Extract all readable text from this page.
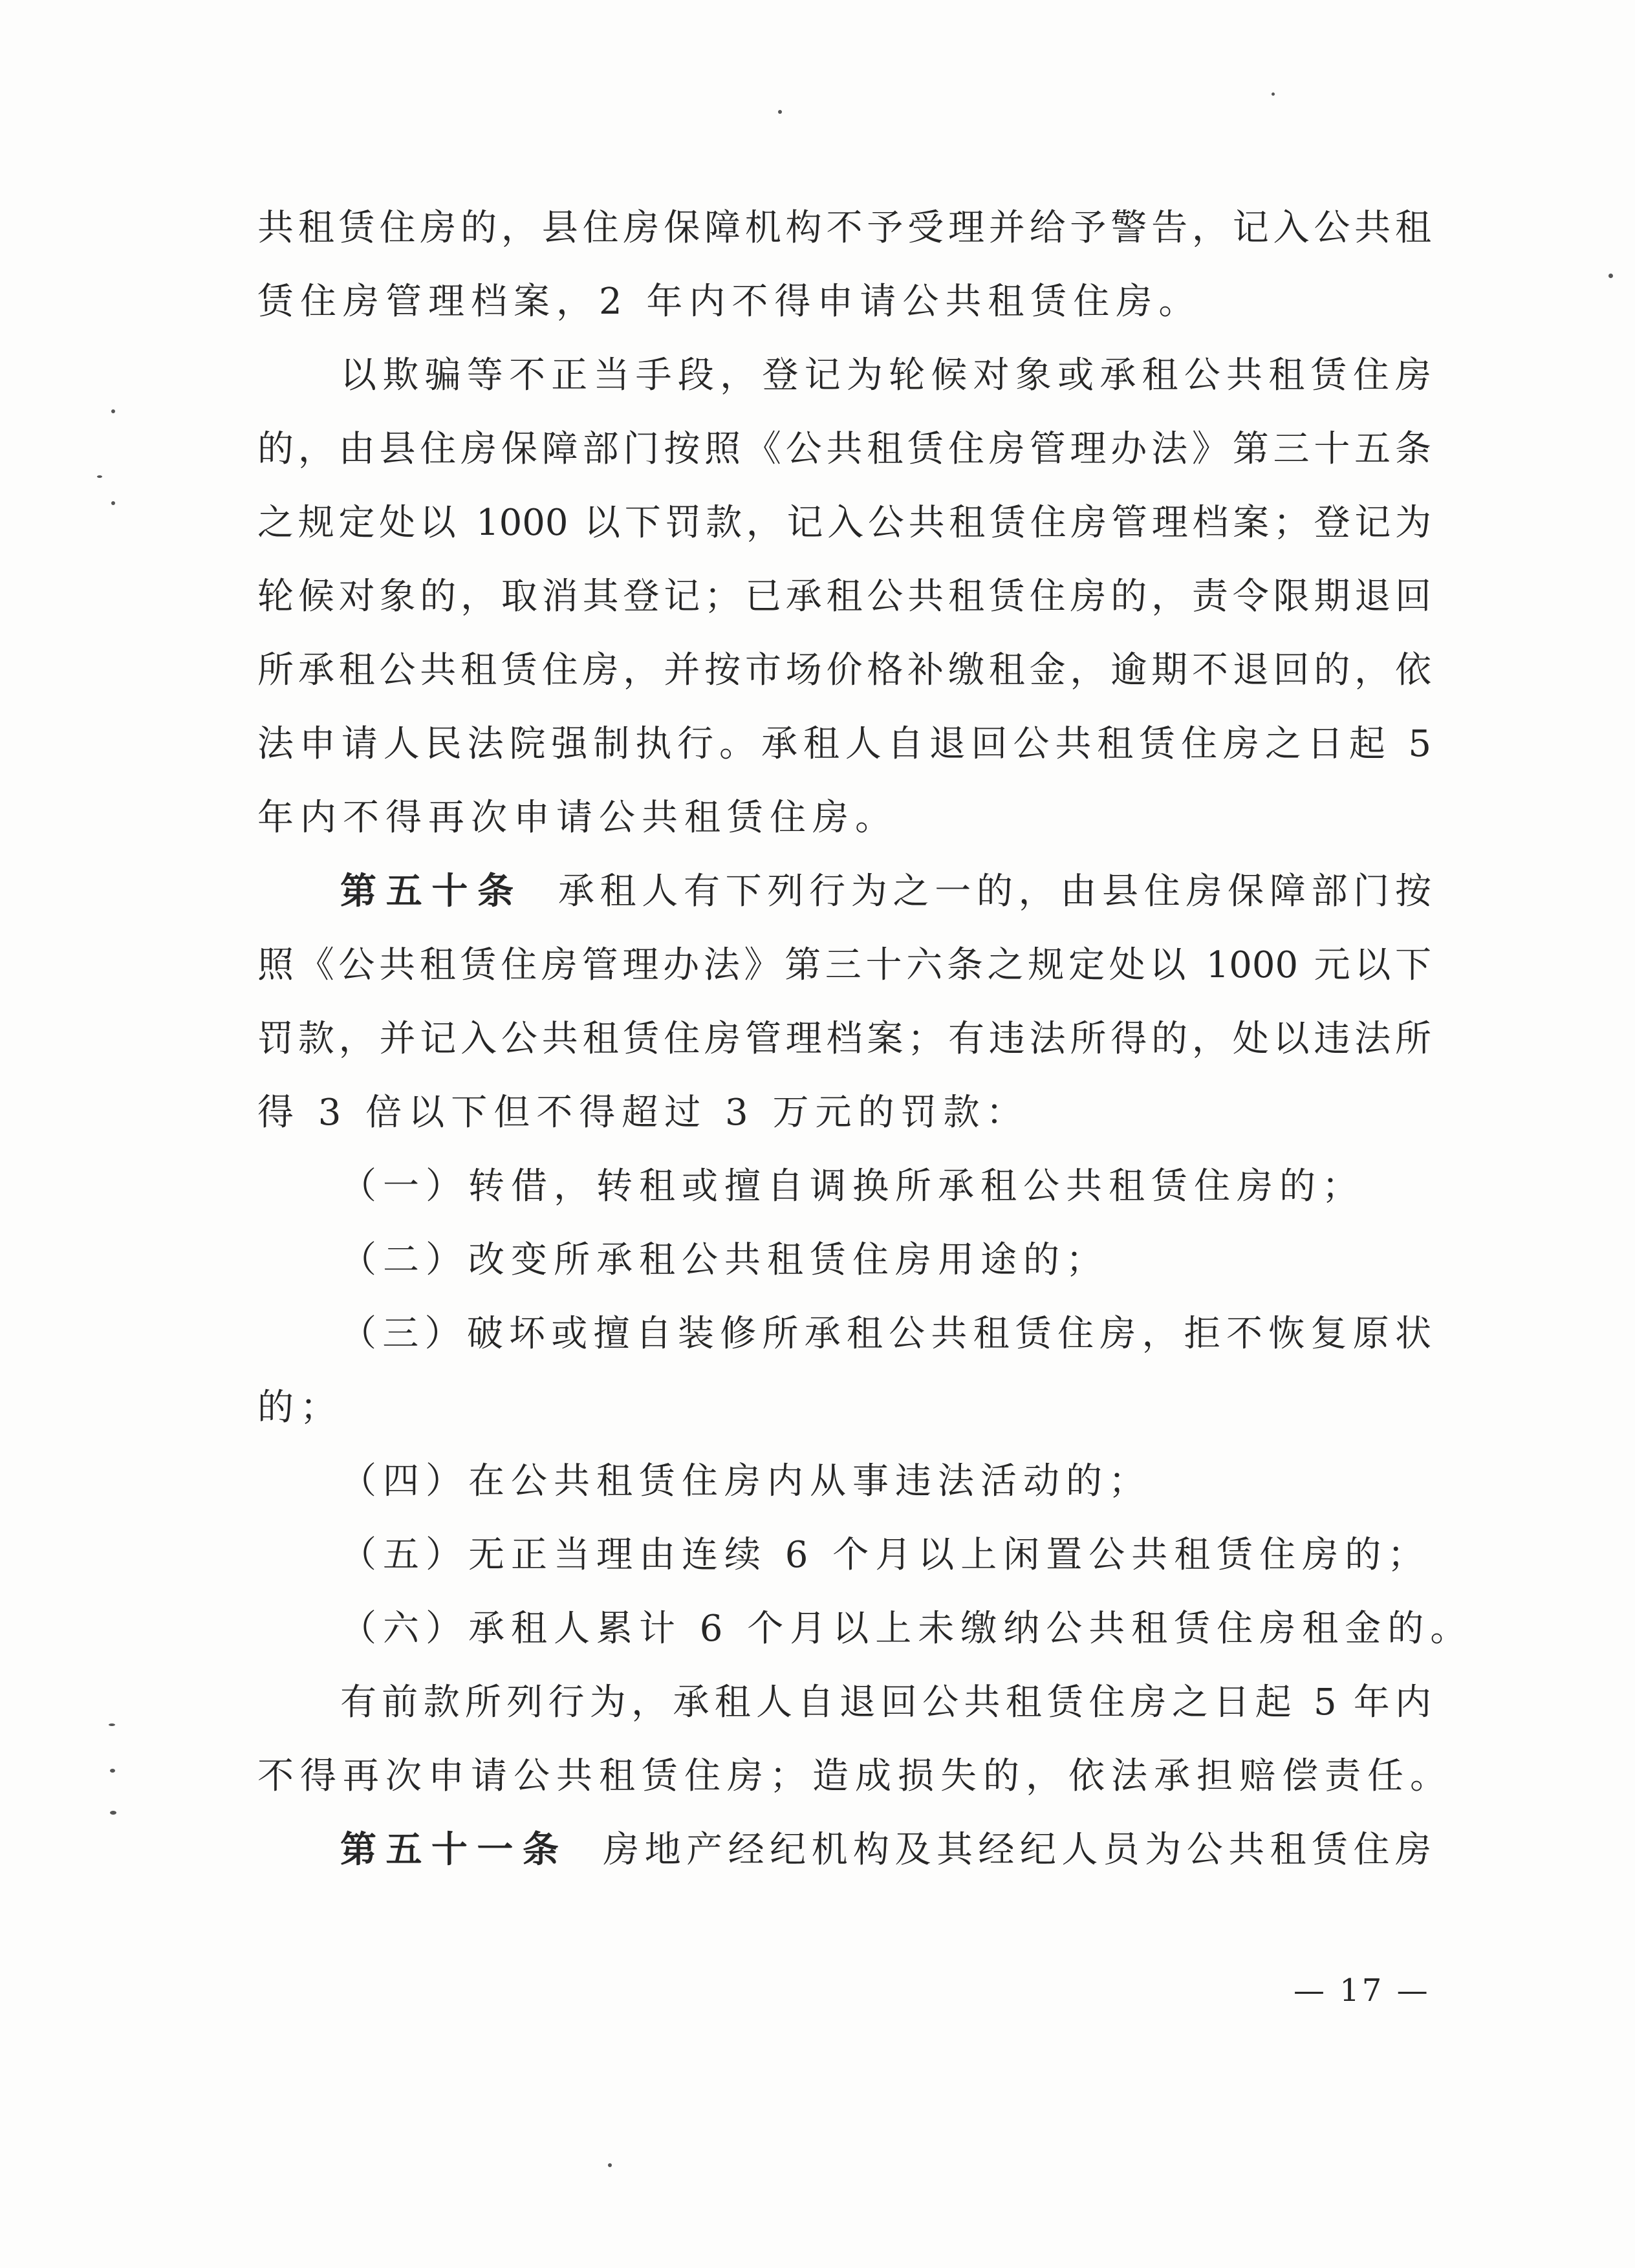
共租赁住房的，县住房保障机构不予受理并给予警告，记入公共租
赁住房管理档案，2 年内不得申请公共租赁住房。
以欺骗等不正当手段，登记为轮候对象或承租公共租赁住房
的，由县住房保障部门按照《公共租赁住房管理办法》第三十五条
之规定处以 1000 以下罚款，记入公共租赁住房管理档案；登记为
轮候对象的，取消其登记；已承租公共租赁住房的，责令限期退回
所承租公共租赁住房，并按市场价格补缴租金，逾期不退回的，依
法申请人民法院强制执行。承租人自退回公共租赁住房之日起 5
年内不得再次申请公共租赁住房。
第五十条 承租人有下列行为之一的，由县住房保障部门按
照《公共租赁住房管理办法》第三十六条之规定处以 1000 元以下
罚款，并记入公共租赁住房管理档案；有违法所得的，处以违法所
得 3 倍以下但不得超过 3 万元的罚款：
（一）转借，转租或擅自调换所承租公共租赁住房的；
（二）改变所承租公共租赁住房用途的；
（三）破坏或擅自装修所承租公共租赁住房，拒不恢复原状
的；
（四）在公共租赁住房内从事违法活动的；
（五）无正当理由连续 6 个月以上闲置公共租赁住房的；
（六）承租人累计 6 个月以上未缴纳公共租赁住房租金的。
有前款所列行为，承租人自退回公共租赁住房之日起 5 年内
不得再次申请公共租赁住房；造成损失的，依法承担赔偿责任。
第五十一条 房地产经纪机构及其经纪人员为公共租赁住房
— 17 —
